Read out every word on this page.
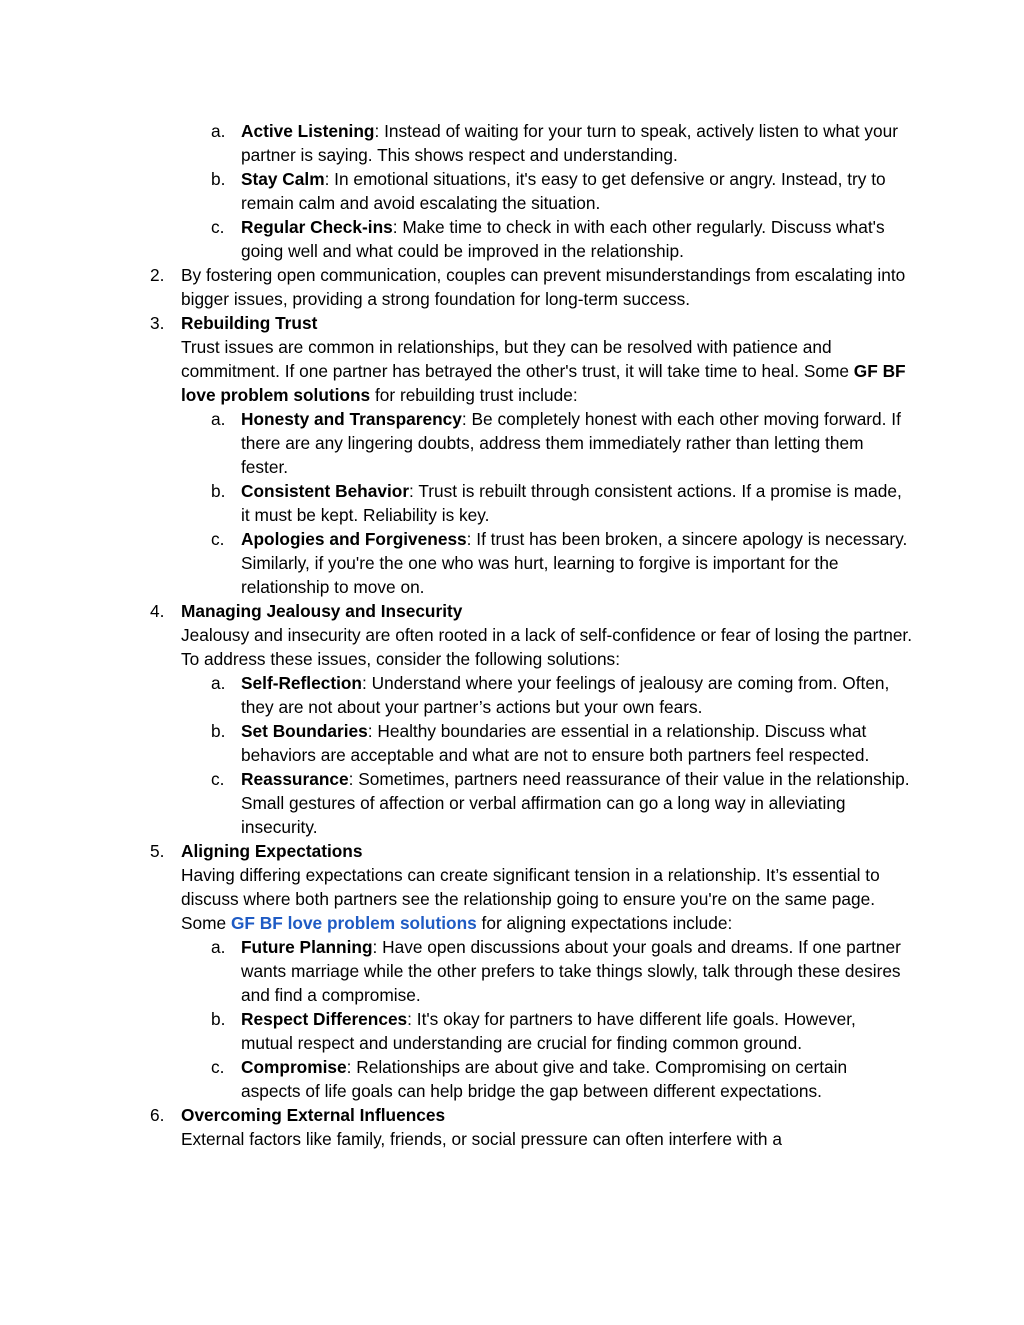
a. Active Listening: Instead of waiting for your turn to speak, actively listen to what your partner is saying. This shows respect and understanding.
b. Stay Calm: In emotional situations, it's easy to get defensive or angry. Instead, try to remain calm and avoid escalating the situation.
c. Regular Check-ins: Make time to check in with each other regularly. Discuss what's going well and what could be improved in the relationship.
2. By fostering open communication, couples can prevent misunderstandings from escalating into bigger issues, providing a strong foundation for long-term success.

3. Rebuilding Trust

Trust issues are common in relationships, but they can be resolved with patience and commitment. If one partner has betrayed the other's trust, it will take time to heal. Some GF BF love problem solutions for rebuilding trust include:

a. Honesty and Transparency: Be completely honest with each other moving forward. If there are any lingering doubts, address them immediately rather than letting them fester.
b. Consistent Behavior: Trust is rebuilt through consistent actions. If a promise is made, it must be kept. Reliability is key.
c. Apologies and Forgiveness: If trust has been broken, a sincere apology is necessary. Similarly, if you're the one who was hurt, learning to forgive is important for the relationship to move on.
4. Managing Jealousy and Insecurity

Jealousy and insecurity are often rooted in a lack of self-confidence or fear of losing the partner. To address these issues, consider the following solutions:

a. Self-Reflection: Understand where your feelings of jealousy are coming from. Often, they are not about your partner’s actions but your own fears.
b. Set Boundaries: Healthy boundaries are essential in a relationship. Discuss what behaviors are acceptable and what are not to ensure both partners feel respected.
c. Reassurance: Sometimes, partners need reassurance of their value in the relationship. Small gestures of affection or verbal affirmation can go a long way in alleviating insecurity.
5. Aligning Expectations

Having differing expectations can create significant tension in a relationship. It’s essential to discuss where both partners see the relationship going to ensure you're on the same page. Some GF BF love problem solutions for aligning expectations include:

a. Future Planning: Have open discussions about your goals and dreams. If one partner wants marriage while the other prefers to take things slowly, talk through these desires and find a compromise.
b. Respect Differences: It's okay for partners to have different life goals. However, mutual respect and understanding are crucial for finding common ground.
c. Compromise: Relationships are about give and take. Compromising on certain aspects of life goals can help bridge the gap between different expectations.
6. Overcoming External Influences

External factors like family, friends, or social pressure can often interfere with a
